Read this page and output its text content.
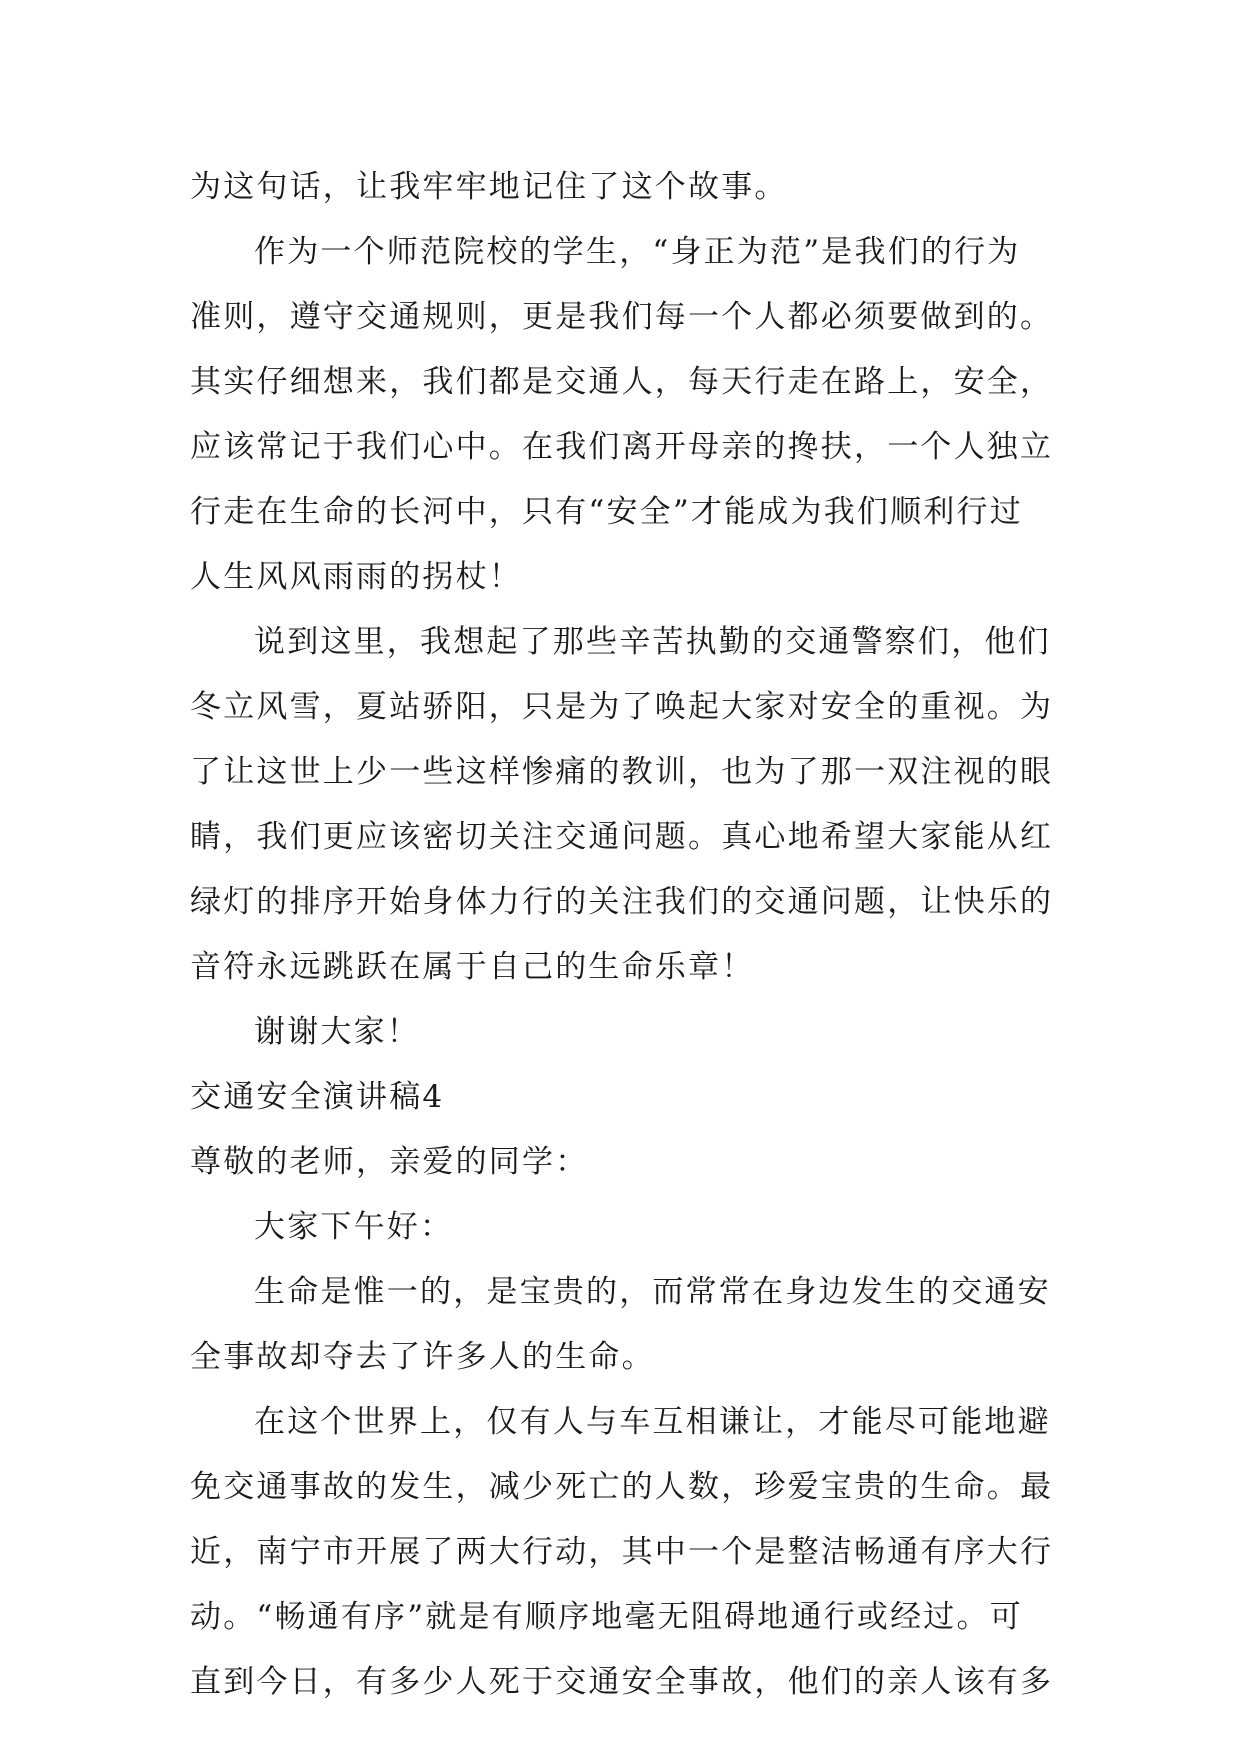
为这句话，让我牢牢地记住了这个故事。
作为一个师范院校的学生，“身正为范”是我们的行为
准则，遵守交通规则，更是我们每一个人都必须要做到的。
其实仔细想来，我们都是交通人，每天行走在路上，安全，
应该常记于我们心中。在我们离开母亲的搀扶，一个人独立
行走在生命的长河中，只有“安全”才能成为我们顺利行过
人生风风雨雨的拐杖！
说到这里，我想起了那些辛苦执勤的交通警察们，他们
冬立风雪，夏站骄阳，只是为了唤起大家对安全的重视。为
了让这世上少一些这样惨痛的教训，也为了那一双注视的眼
睛，我们更应该密切关注交通问题。真心地希望大家能从红
绿灯的排序开始身体力行的关注我们的交通问题，让快乐的
音符永远跳跃在属于自己的生命乐章！
谢谢大家！
交通安全演讲稿4
尊敬的老师，亲爱的同学：
大家下午好：
生命是惟一的，是宝贵的，而常常在身边发生的交通安
全事故却夺去了许多人的生命。
在这个世界上，仅有人与车互相谦让，才能尽可能地避
免交通事故的发生，减少死亡的人数，珍爱宝贵的生命。最
近，南宁市开展了两大行动，其中一个是整洁畅通有序大行
动。“畅通有序”就是有顺序地毫无阻碍地通行或经过。可
直到今日，有多少人死于交通安全事故，他们的亲人该有多
